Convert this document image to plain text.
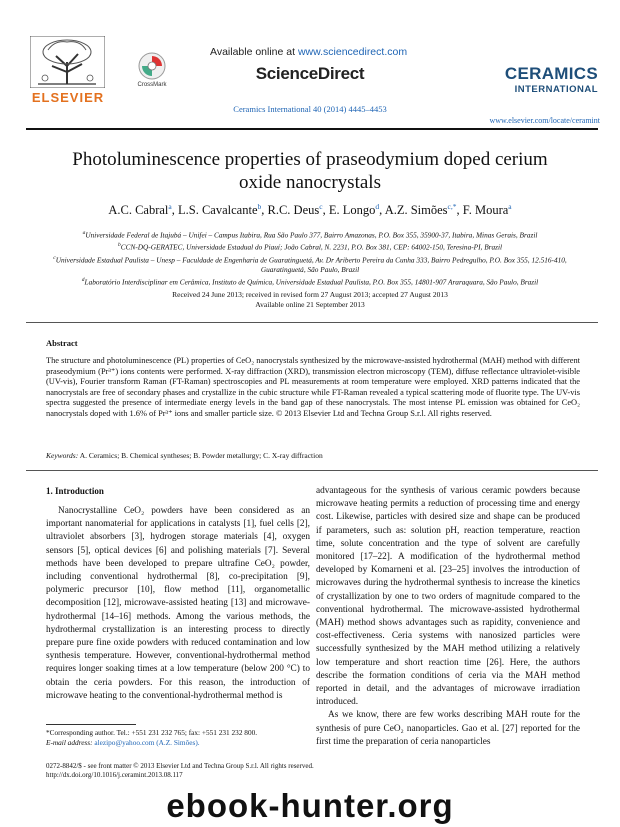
ELSEVIER
CrossMark
Available online at www.sciencedirect.com
ScienceDirect
Ceramics International 40 (2014) 4445–4453
CERAMICS
INTERNATIONAL
www.elsevier.com/locate/ceramint
Photoluminescence properties of praseodymium doped cerium
oxide nanocrystals
A.C. Cabral$^a$, L.S. Cavalcante$^b$, R.C. Deus$^c$, E. Longo$^d$, A.Z. Simões$^{c,*}$, F. Moura$^a$
$^a$Universidade Federal de Itajubá – Unifei – Campus Itabira, Rua São Paulo 377, Bairro Amazonas, P.O. Box 355, 35900-37, Itabira, Minas Gerais, Brazil
$^b$CCN-DQ-GERATEC, Universidade Estadual do Piauí; João Cabral, N. 2231, P.O. Box 381, CEP: 64002-150, Teresina-PI, Brazil
$^c$Universidade Estadual Paulista – Unesp – Faculdade de Engenharia de Guaratinguetá, Av. Dr Ariberto Pereira da Cunha 333, Bairro Pedregulho, P.O. Box 355, 12.516-410, Guaratinguetá, São Paulo, Brazil
$^d$Laboratório Interdisciplinar em Cerâmica, Instituto de Química, Universidade Estadual Paulista, P.O. Box 355, 14801-907 Araraquara, São Paulo, Brazil
Received 24 June 2013; received in revised form 27 August 2013; accepted 27 August 2013
Available online 21 September 2013
Abstract
The structure and photoluminescence (PL) properties of CeO₂ nanocrystals synthesized by the microwave-assisted hydrothermal (MAH) method with different praseodymium (Pr³⁺) ions contents were performed. X-ray diffraction (XRD), transmission electron microscopy (TEM), diffuse reflectance ultraviolet-visible (UV-vis), Fourier transform Raman (FT-Raman) spectroscopies and PL measurements at room temperature were employed. XRD patterns indicated that the nanocrystals are free of secondary phases and crystallize in the cubic structure while FT-Raman revealed a typical scattering mode of fluorite type. The UV-vis spectra suggested the presence of intermediate energy levels in the band gap of these nanocrystals. The most intense PL emission was obtained for CeO₂ nanocrystals doped with 1.6% of Pr³⁺ ions and smaller particle size. © 2013 Elsevier Ltd and Techna Group S.r.l. All rights reserved.
Keywords: A. Ceramics; B. Chemical syntheses; B. Powder metallurgy; C. X-ray diffraction
1. Introduction
Nanocrystalline CeO₂ powders have been considered as an important nanomaterial for applications in catalysts [1], fuel cells [2], ultraviolet absorbers [3], hydrogen storage materials [4], oxygen sensors [5], optical devices [6] and polishing materials [7]. Several methods have been developed to prepare ultrafine CeO₂ powder, including conventional hydrothermal [8], co-precipitation [9], polymeric precursor [10], flow method [11], organometallic decomposition [12], microwave-assisted heating [13] and microwave-hydrothermal [14–16] methods. Among the various methods, the hydrothermal crystallization is an interesting process to directly prepare pure fine oxide powders with reduced contamination and low synthesis temperature. However, conventional-hydrothermal method requires longer soaking times at a low temperature (below 200 °C) to obtain the ceria powders. For this reason, the introduction of microwave heating to the conventional-hydrothermal method is

advantageous for the synthesis of various ceramic powders because microwave heating permits a reduction of processing time and energy cost. Likewise, particles with desired size and shape can be produced if parameters, such as: solution pH, reaction temperature, reaction time, solute concentration and the type of solvent are carefully monitored [17–22]. A modification of the hydrothermal method developed by Komarneni et al. [23–25] involves the introduction of microwaves during the hydrothermal synthesis to increase the kinetics of crystallization by one to two orders of magnitude compared to the conventional hydrothermal. The microwave-assisted hydrothermal (MAH) method shows advantages such as rapidity, convenience and cost-effectiveness. Ceria systems with nanosized particles were successfully synthesized by the MAH method utilizing a relatively low temperature and short reaction time [26]. Here, the authors describe the formation conditions of ceria via the MAH method reported in detail, and the advantages of microwave irradiation introduced.

As we know, there are few works describing MAH route for the synthesis of pure CeO₂ nanoparticles. Gao et al. [27] reported for the first time the preparation of ceria nanoparticles

*Corresponding author. Tel.: +551 231 232 765; fax: +551 231 232 800.
E-mail address: alezipo@yahoo.com (A.Z. Simões).
0272-8842/$ - see front matter © 2013 Elsevier Ltd and Techna Group S.r.l. All rights reserved.
http://dx.doi.org/10.1016/j.ceramint.2013.08.117
ebook-hunter.org
